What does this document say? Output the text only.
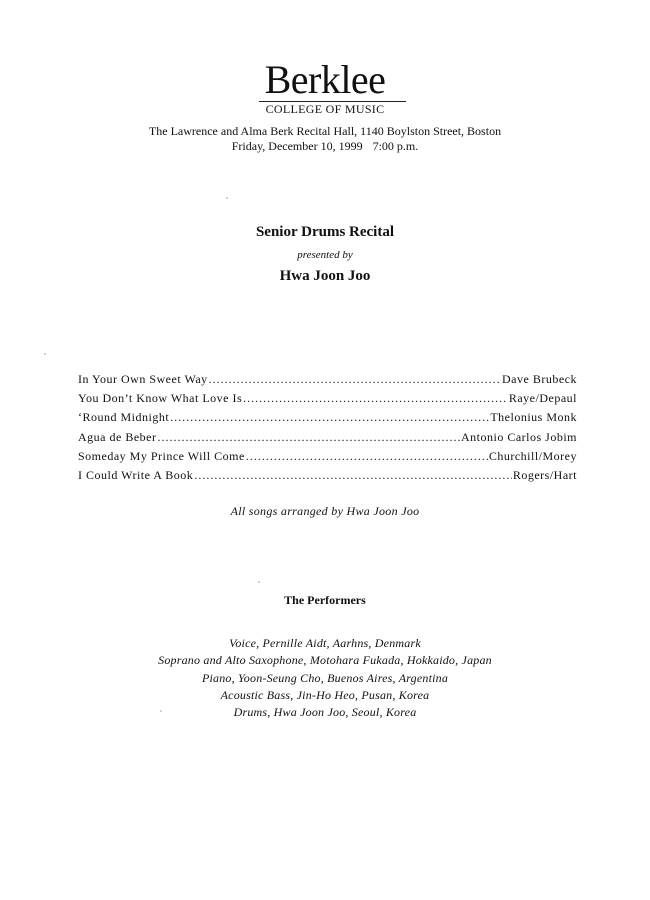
Berklee
COLLEGE OF MUSIC
The Lawrence and Alma Berk Recital Hall, 1140 Boylston Street, Boston
Friday, December 10, 1999 7:00 p.m.
Senior Drums Recital
presented by
Hwa Joon Joo
In Your Own Sweet Way .....	Dave Brubeck
You Don’t Know What Love Is .....	Raye/Depaul
‘Round Midnight .....	Thelonius Monk
Agua de Beber .....	Antonio Carlos Jobim
Someday My Prince Will Come .....	Churchill/Morey
I Could Write A Book .....	Rogers/Hart
All songs arranged by Hwa Joon Joo
The Performers
Voice, Pernille Aidt, Aarhns, Denmark
Soprano and Alto Saxophone, Motohara Fukada, Hokkaido, Japan
Piano, Yoon-Seung Cho, Buenos Aires, Argentina
Acoustic Bass, Jin-Ho Heo, Pusan, Korea
Drums, Hwa Joon Joo, Seoul, Korea
